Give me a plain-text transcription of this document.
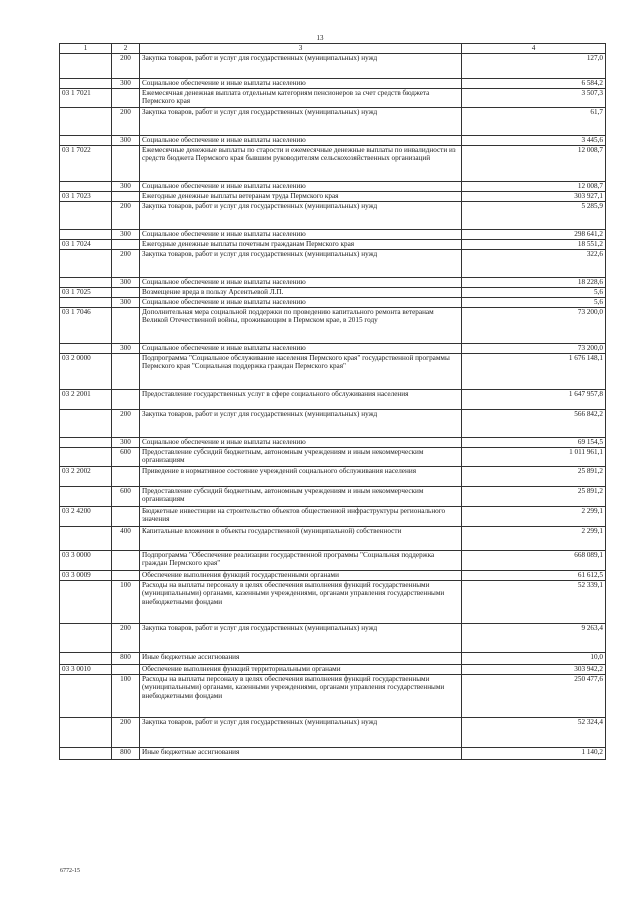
13
1	2	3	4
	200	Закупка товаров, работ и услуг для государственных (муниципальных) нужд	127,0
	300	Социальное обеспечение и иные выплаты населению	6 584,2
03 1 7021		Ежемесячная денежная выплата отдельным категориям пенсионеров за счет средств бюджета Пермского края	3 507,3
	200	Закупка товаров, работ и услуг для государственных (муниципальных) нужд	61,7
	300	Социальное обеспечение и иные выплаты населению	3 445,6
03 1 7022		Ежемесячные денежные выплаты по старости и ежемесячные денежные выплаты по инвалидности из средств бюджета Пермского края бывшим руководителям сельскохозяйственных организаций	12 008,7
	300	Социальное обеспечение и иные выплаты населению	12 008,7
03 1 7023		Ежегодные денежные выплаты ветеранам труда Пермского края	303 927,1
	200	Закупка товаров, работ и услуг для государственных (муниципальных) нужд	5 285,9
	300	Социальное обеспечение и иные выплаты населению	298 641,2
03 1 7024		Ежегодные денежные выплаты почетным гражданам Пермского края	18 551,2
	200	Закупка товаров, работ и услуг для государственных (муниципальных) нужд	322,6
	300	Социальное обеспечение и иные выплаты населению	18 228,6
03 1 7025		Возмещение вреда в пользу Арсентьевой Л.П.	5,6
	300	Социальное обеспечение и иные выплаты населению	5,6
03 1 7046		Дополнительная мера социальной поддержки по проведению капитального ремонта ветеранам Великой Отечественной войны, проживающим в Пермском крае, в 2015 году	73 200,0
	300	Социальное обеспечение и иные выплаты населению	73 200,0
03 2 0000		Подпрограмма "Социальное обслуживание населения Пермского края" государственной программы Пермского края "Социальная поддержка граждан Пермского края"	1 676 148,1
03 2 2001		Предоставление государственных услуг в сфере социального обслуживания населения	1 647 957,8
	200	Закупка товаров, работ и услуг для государственных (муниципальных) нужд	566 842,2
	300	Социальное обеспечение и иные выплаты населению	69 154,5
	600	Предоставление субсидий бюджетным, автономным учреждениям и иным некоммерческим организациям	1 011 961,1
03 2 2002		Приведение в нормативное состояние учреждений социального обслуживания населения	25 891,2
	600	Предоставление субсидий бюджетным, автономным учреждениям и иным некоммерческим организациям	25 891,2
03 2 4200		Бюджетные инвестиции на строительство объектов общественной инфраструктуры регионального значения	2 299,1
	400	Капитальные вложения в объекты государственной (муниципальной) собственности	2 299,1
03 3 0000		Подпрограмма "Обеспечение реализации государственной программы "Социальная поддержка граждан Пермского края"	668 089,1
03 3 0009		Обеспечение выполнения функций государственными органами	61 612,5
	100	Расходы на выплаты персоналу в целях обеспечения выполнения функций государственными (муниципальными) органами, казенными учреждениями, органами управления государственными внебюджетными фондами	52 339,1
	200	Закупка товаров, работ и услуг для государственных (муниципальных) нужд	9 263,4
	800	Иные бюджетные ассигнования	10,0
03 3 0010		Обеспечение выполнения функций территориальными органами	303 942,2
	100	Расходы на выплаты персоналу в целях обеспечения выполнения функций государственными (муниципальными) органами, казенными учреждениями, органами управления государственными внебюджетными фондами	250 477,6
	200	Закупка товаров, работ и услуг для государственных (муниципальных) нужд	52 324,4
	800	Иные бюджетные ассигнования	1 140,2
6772-15
